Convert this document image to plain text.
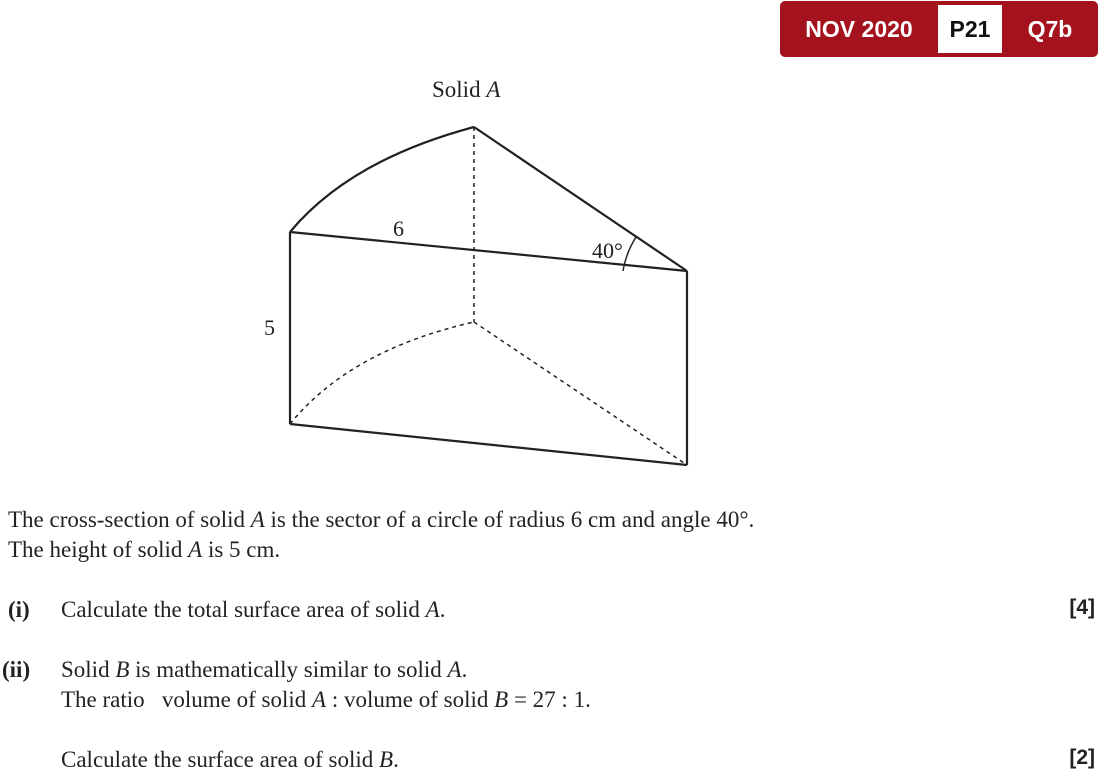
NOV 2020	P21	Q7b
Solid A
6
40°
5
The cross-section of solid A is the sector of a circle of radius 6 cm and angle 40°.
The height of solid A is 5 cm.
(i) Calculate the total surface area of solid A.	[4]
(ii) Solid B is mathematically similar to solid A.
The ratio   volume of solid A : volume of solid B = 27 : 1.
Calculate the surface area of solid B.	[2]
